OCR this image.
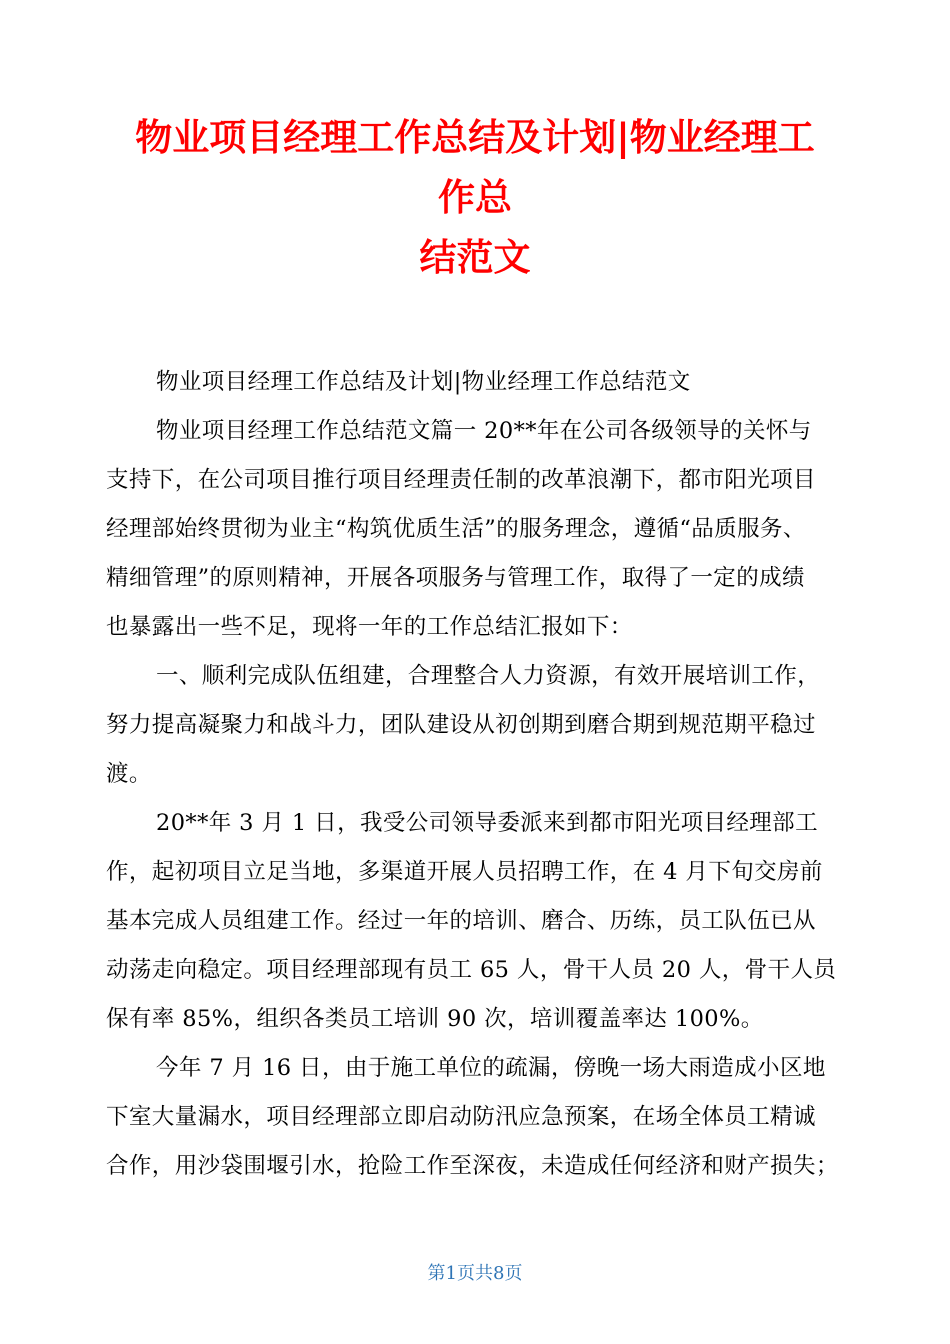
物业项目经理工作总结及计划|物业经理工
作总
结范文
物业项目经理工作总结及计划|物业经理工作总结范文
物业项目经理工作总结范文篇一 20**年在公司各级领导的关怀与
支持下，在公司项目推行项目经理责任制的改革浪潮下，都市阳光项目
经理部始终贯彻为业主“构筑优质生活”的服务理念，遵循“品质服务、
精细管理”的原则精神，开展各项服务与管理工作，取得了一定的成绩
也暴露出一些不足，现将一年的工作总结汇报如下：
一、顺利完成队伍组建，合理整合人力资源，有效开展培训工作，
努力提高凝聚力和战斗力，团队建设从初创期到磨合期到规范期平稳过
渡。
20**年 3 月 1 日，我受公司领导委派来到都市阳光项目经理部工
作，起初项目立足当地，多渠道开展人员招聘工作，在 4 月下旬交房前
基本完成人员组建工作。经过一年的培训、磨合、历练，员工队伍已从
动荡走向稳定。项目经理部现有员工 65 人，骨干人员 20 人，骨干人员
保有率 85%，组织各类员工培训 90 次，培训覆盖率达 100%。
今年 7 月 16 日，由于施工单位的疏漏，傍晚一场大雨造成小区地
下室大量漏水，项目经理部立即启动防汛应急预案，在场全体员工精诚
合作，用沙袋围堰引水，抢险工作至深夜，未造成任何经济和财产损失；
第1页共8页
